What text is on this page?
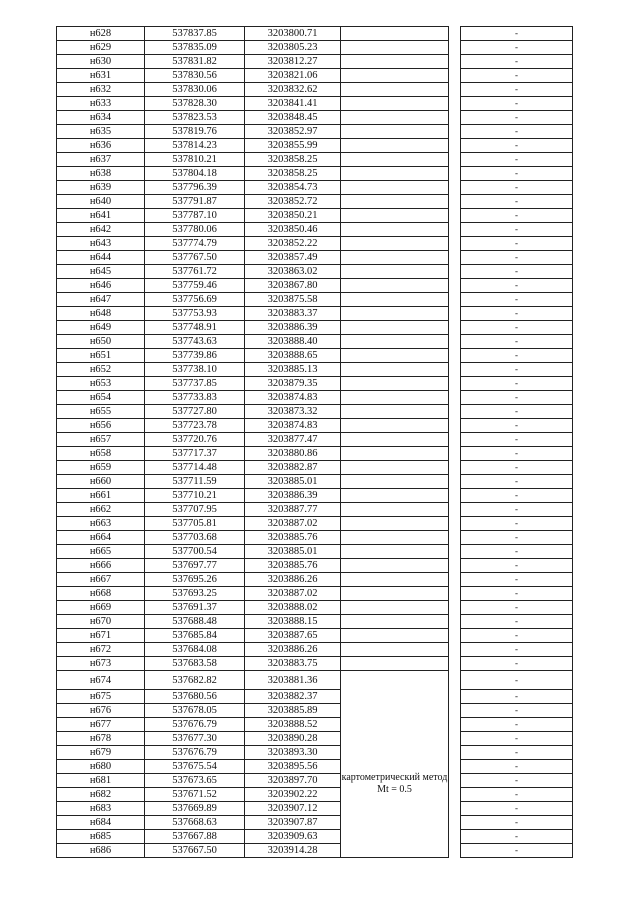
н628	537837.85	3203800.71			-
н629	537835.09	3203805.23			-
н630	537831.82	3203812.27			-
н631	537830.56	3203821.06			-
н632	537830.06	3203832.62			-
н633	537828.30	3203841.41			-
н634	537823.53	3203848.45			-
н635	537819.76	3203852.97			-
н636	537814.23	3203855.99			-
н637	537810.21	3203858.25			-
н638	537804.18	3203858.25			-
н639	537796.39	3203854.73			-
н640	537791.87	3203852.72			-
н641	537787.10	3203850.21			-
н642	537780.06	3203850.46			-
н643	537774.79	3203852.22			-
н644	537767.50	3203857.49			-
н645	537761.72	3203863.02			-
н646	537759.46	3203867.80			-
н647	537756.69	3203875.58			-
н648	537753.93	3203883.37			-
н649	537748.91	3203886.39			-
н650	537743.63	3203888.40			-
н651	537739.86	3203888.65			-
н652	537738.10	3203885.13			-
н653	537737.85	3203879.35			-
н654	537733.83	3203874.83			-
н655	537727.80	3203873.32			-
н656	537723.78	3203874.83			-
н657	537720.76	3203877.47			-
н658	537717.37	3203880.86			-
н659	537714.48	3203882.87			-
н660	537711.59	3203885.01			-
н661	537710.21	3203886.39			-
н662	537707.95	3203887.77			-
н663	537705.81	3203887.02			-
н664	537703.68	3203885.76			-
н665	537700.54	3203885.01			-
н666	537697.77	3203885.76			-
н667	537695.26	3203886.26			-
н668	537693.25	3203887.02			-
н669	537691.37	3203888.02			-
н670	537688.48	3203888.15			-
н671	537685.84	3203887.65			-
н672	537684.08	3203886.26			-
н673	537683.58	3203883.75			-
н674	537682.82	3203881.36	картометрический метод Mt = 0.5		-
н675	537680.56	3203882.37			-
н676	537678.05	3203885.89			-
н677	537676.79	3203888.52			-
н678	537677.30	3203890.28			-
н679	537676.79	3203893.30			-
н680	537675.54	3203895.56			-
н681	537673.65	3203897.70			-
н682	537671.52	3203902.22			-
н683	537669.89	3203907.12			-
н684	537668.63	3203907.87			-
н685	537667.88	3203909.63			-
н686	537667.50	3203914.28			-
